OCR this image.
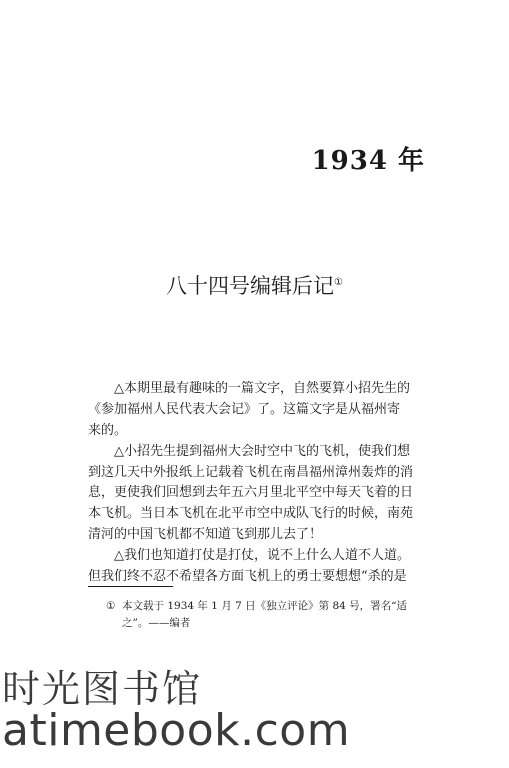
1934 年
八十四号编辑后记①
△本期里最有趣味的一篇文字，自然要算小招先生的
《参加福州人民代表大会记》了。这篇文字是从福州寄
来的。
△小招先生提到福州大会时空中飞的飞机，使我们想
到这几天中外报纸上记载着飞机在南昌福州漳州轰炸的消
息，更使我们回想到去年五六月里北平空中每天飞着的日
本飞机。当日本飞机在北平市空中成队飞行的时候，南苑
清河的中国飞机都不知道飞到那儿去了！
△我们也知道打仗是打仗，说不上什么人道不人道。
但我们终不忍不希望各方面飞机上的勇士要想想“杀的是
① 本文载于 1934 年 1 月 7 日《独立评论》第 84 号，署名“适
之”。——编者
时光图书馆
atimebook.com
